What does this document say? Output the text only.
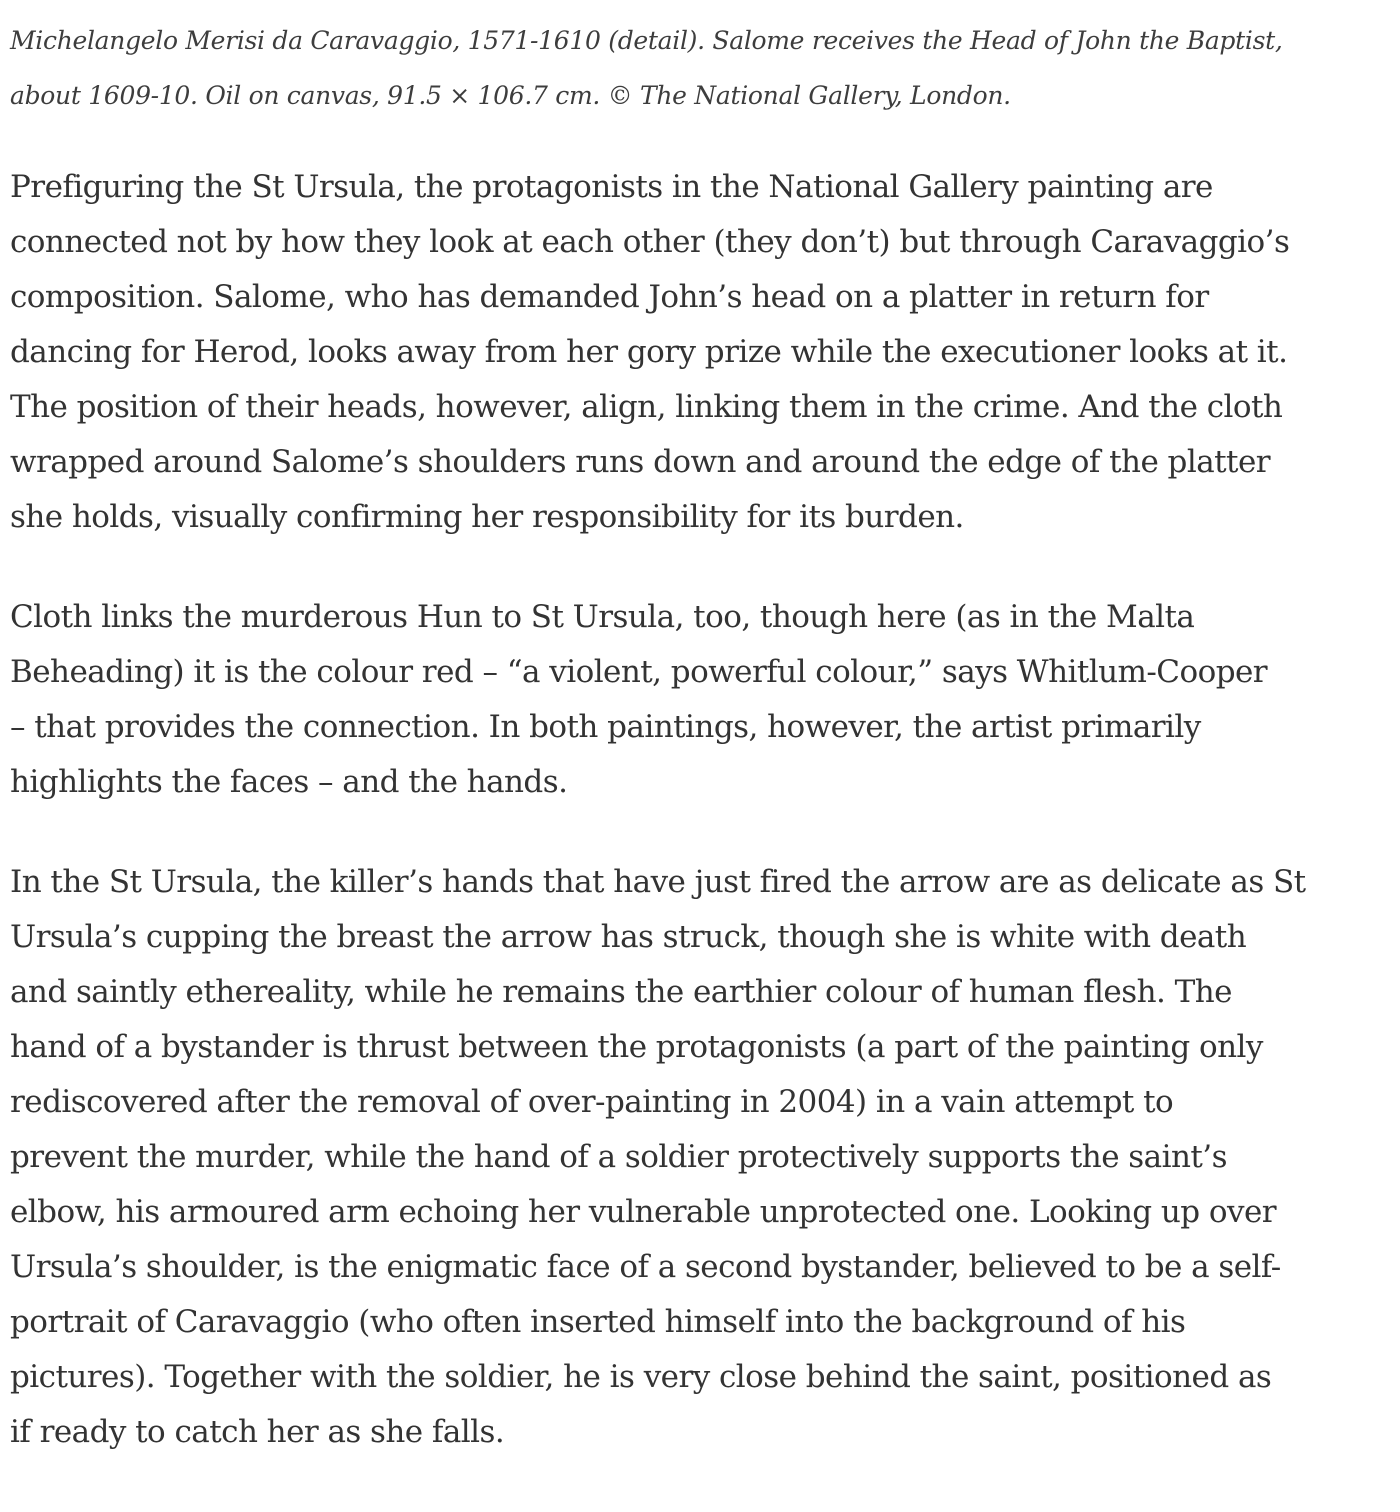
Michelangelo Merisi da Caravaggio, 1571-1610 (detail). Salome receives the Head of John the Baptist,
about 1609-10. Oil on canvas, 91.5 × 106.7 cm. © The National Gallery, London.

Prefiguring the St Ursula, the protagonists in the National Gallery painting are
connected not by how they look at each other (they don’t) but through Caravaggio’s
composition. Salome, who has demanded John’s head on a platter in return for
dancing for Herod, looks away from her gory prize while the executioner looks at it.
The position of their heads, however, align, linking them in the crime. And the cloth
wrapped around Salome’s shoulders runs down and around the edge of the platter
she holds, visually confirming her responsibility for its burden.

Cloth links the murderous Hun to St Ursula, too, though here (as in the Malta
Beheading) it is the colour red – “a violent, powerful colour,” says Whitlum-Cooper
– that provides the connection. In both paintings, however, the artist primarily
highlights the faces – and the hands.

In the St Ursula, the killer’s hands that have just fired the arrow are as delicate as St
Ursula’s cupping the breast the arrow has struck, though she is white with death
and saintly ethereality, while he remains the earthier colour of human flesh. The
hand of a bystander is thrust between the protagonists (a part of the painting only
rediscovered after the removal of over-painting in 2004) in a vain attempt to
prevent the murder, while the hand of a soldier protectively supports the saint’s
elbow, his armoured arm echoing her vulnerable unprotected one. Looking up over
Ursula’s shoulder, is the enigmatic face of a second bystander, believed to be a self-
portrait of Caravaggio (who often inserted himself into the background of his
pictures). Together with the soldier, he is very close behind the saint, positioned as
if ready to catch her as she falls.
